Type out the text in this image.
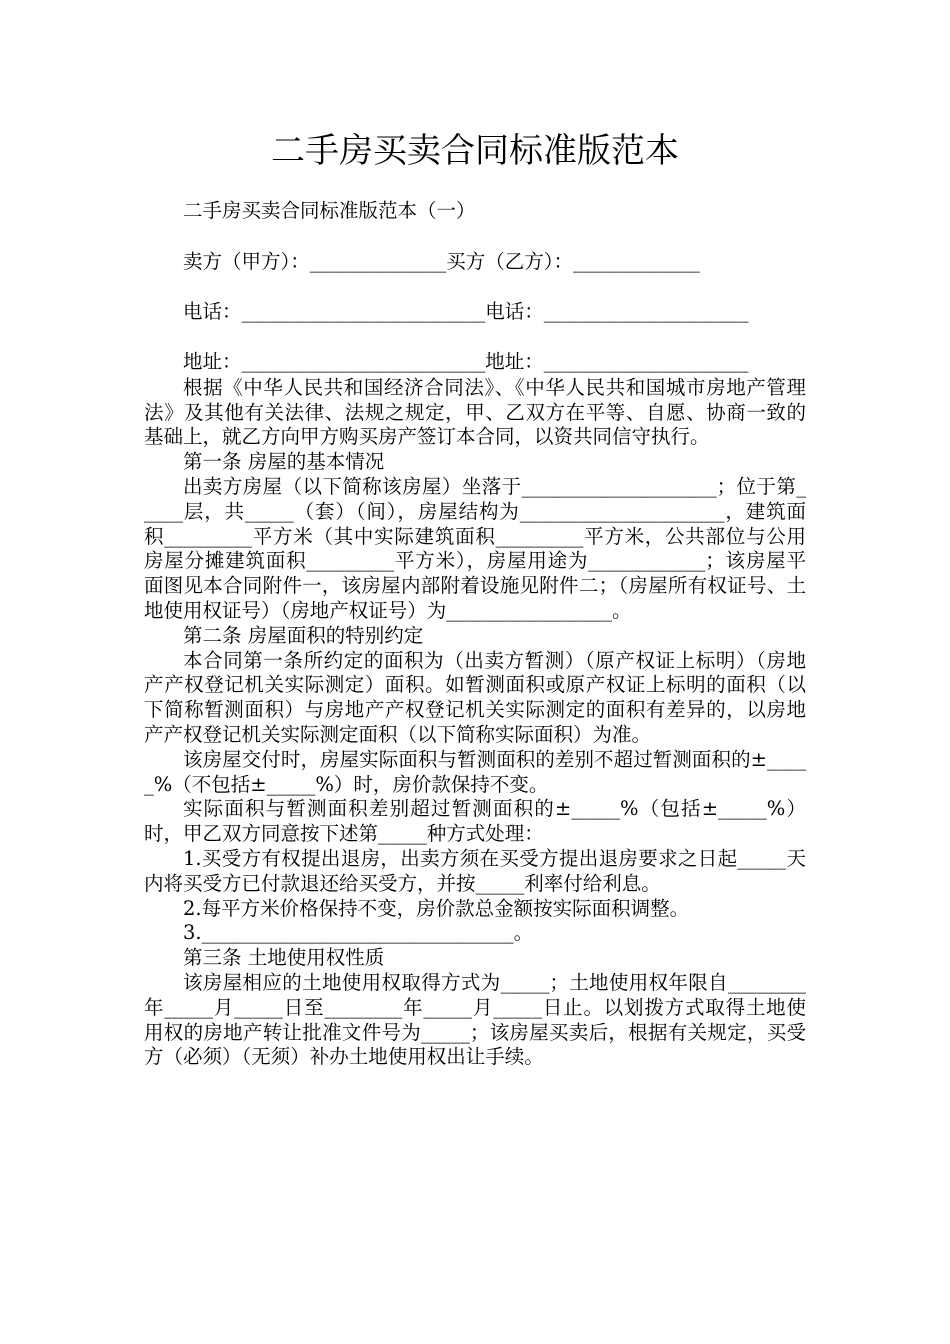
二手房买卖合同标准版范本

二手房买卖合同标准版范本（一）

卖方（甲方）：______________买方（乙方）：_____________

电话：_________________________电话：_____________________

地址：_________________________地址：_____________________

根据《中华人民共和国经济合同法》、《中华人民共和国城市房地产管理法》及其他有关法律、法规之规定，甲、乙双方在平等、自愿、协商一致的基础上，就乙方向甲方购买房产签订本合同，以资共同信守执行。

第一条 房屋的基本情况

出卖方房屋（以下简称该房屋）坐落于____________________；位于第_____层，共_____（套）（间），房屋结构为_____________________，建筑面积_________平方米（其中实际建筑面积_________平方米，公共部位与公用房屋分摊建筑面积_________平方米），房屋用途为____________；该房屋平面图见本合同附件一，该房屋内部附着设施见附件二；（房屋所有权证号、土地使用权证号）（房地产权证号）为_________________。

第二条 房屋面积的特别约定

本合同第一条所约定的面积为（出卖方暂测）（原产权证上标明）（房地产产权登记机关实际测定）面积。如暂测面积或原产权证上标明的面积（以下简称暂测面积）与房地产产权登记机关实际测定的面积有差异的，以房地产产权登记机关实际测定面积（以下简称实际面积）为准。

该房屋交付时，房屋实际面积与暂测面积的差别不超过暂测面积的±_____%（不包括±_____%）时，房价款保持不变。

实际面积与暂测面积差别超过暂测面积的±_____%（包括±_____%）时，甲乙双方同意按下述第_____种方式处理：

1.买受方有权提出退房，出卖方须在买受方提出退房要求之日起_____天内将买受方已付款退还给买受方，并按_____利率付给利息。

2.每平方米价格保持不变，房价款总金额按实际面积调整。

3.________________________________。

第三条 土地使用权性质

该房屋相应的土地使用权取得方式为_____；土地使用权年限自________年_____月_____日至________年_____月_____日止。以划拨方式取得土地使用权的房地产转让批准文件号为_____；该房屋买卖后，根据有关规定，买受方（必须）（无须）补办土地使用权出让手续。
